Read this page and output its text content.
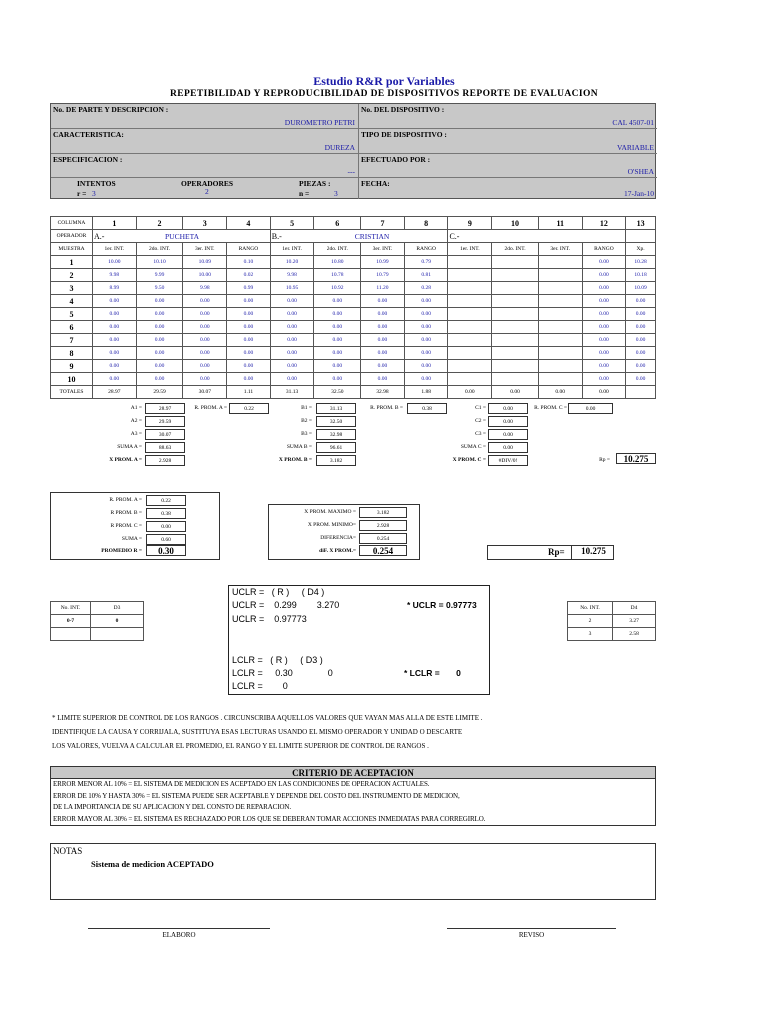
Estudio R&R por Variables
REPETIBILIDAD Y REPRODUCIBILIDAD DE DISPOSITIVOS REPORTE DE EVALUACION
No. DE PARTE Y DESCRIPCION :
DUROMETRO PETRI
No. DEL DISPOSITIVO :
CAL 4507-01
CARACTERISTICA:
DUREZA
TIPO DE DISPOSITIVO :
VARIABLE
ESPECIFICACION :
---
EFECTUADO POR :
O'SHEA
INTENTOS
r = 3
OPERADORES
2
PIEZAS :
n =	3
FECHA:
17-Jan-10
COLUMNA	1	2	3	4	5	6	7	8	9	10	11	12	13
OPERADOR	A.- PUCHETA				B.- CRISTIAN				C.-				
MUESTRA	1er. INT.	2do. INT.	3er. INT.	RANGO	1er. INT.	2do. INT.	3er. INT.	RANGO	1er. INT.	2do. INT.	3er. INT.	RANGO	Xp.
1	10.00	10.10	10.09	0.10	10.20	10.80	10.99	0.79				0.00	10.28
2	9.98	9.99	10.00	0.02	9.98	10.78	10.79	0.81				0.00	10.18
3	8.99	9.50	9.98	0.99	10.95	10.92	11.20	0.28				0.00	10.09
4	0.00	0.00	0.00	0.00	0.00	0.00	0.00	0.00				0.00	0.00
5	0.00	0.00	0.00	0.00	0.00	0.00	0.00	0.00				0.00	0.00
6	0.00	0.00	0.00	0.00	0.00	0.00	0.00	0.00				0.00	0.00
7	0.00	0.00	0.00	0.00	0.00	0.00	0.00	0.00				0.00	0.00
8	0.00	0.00	0.00	0.00	0.00	0.00	0.00	0.00				0.00	0.00
9	0.00	0.00	0.00	0.00	0.00	0.00	0.00	0.00				0.00	0.00
10	0.00	0.00	0.00	0.00	0.00	0.00	0.00	0.00				0.00	0.00
TOTALES	28.97	29.59	30.07	1.11	31.13	32.50	32.98	1.88	0.00	0.00	0.00	0.00	
A1 =	28.97
A2 =	29.59
A3 =	30.07
SUMA A =	88.63
X PROM. A =	2.928
R. PROM. A =	0.22	B1 =	31.13
B2 =	32.50
B3 =	32.98
SUMA B =	96.61
X PROM. B =	3.182
R. PROM. B =	0.38	C1 =	0.00
C2 =	0.00
C3 =	0.00
SUMA C =	0.00
X PROM. C =	#DIV/0!
R. PROM. C =	0.00
Rp =	10.275
R. PROM. A =	0.22
R PROM. B =	0.38
R PROM. C =	0.00
SUMA =	0.60
PROMEDIO R =	0.30
X PROM. MAXIMO =	3.182
X PROM. MINIMO=	2.928
DIFERENCIA=	0.254
diF. X PROM.=	0.254	Rp=	10.275
No. INT.	D3
0-7	0

No. INT.	D4
2	3.27
3	2.58
UCLR =   ( R )     ( D4 )
UCLR =    0.299        3.270
UCLR =    0.97773
* UCLR = 0.97773
LCLR =   ( R )     ( D3 )
LCLR =     0.30              0
LCLR =        0
* LCLR =       0
* LIMITE SUPERIOR DE CONTROL DE LOS RANGOS . CIRCUNSCRIBA AQUELLOS VALORES QUE VAYAN MAS ALLA DE ESTE LIMITE .
IDENTIFIQUE LA CAUSA Y CORRIJALA, SUSTITUYA ESAS LECTURAS USANDO EL MISMO OPERADOR Y UNIDAD O DESCARTE
LOS VALORES, VUELVA A CALCULAR EL PROMEDIO, EL RANGO Y EL LIMITE SUPERIOR DE CONTROL DE RANGOS .
CRITERIO DE ACEPTACION
ERROR MENOR AL 10% = EL SISTEMA DE MEDICION ES ACEPTADO EN LAS CONDICIONES DE OPERACION ACTUALES.
ERROR DE 10% Y HASTA 30% = EL SISTEMA PUEDE SER ACEPTABLE Y DEPENDE DEL COSTO DEL INSTRUMENTO DE MEDICION,
DE LA IMPORTANCIA DE SU APLICACION Y DEL CONSTO DE REPARACION.
ERROR MAYOR AL 30% = EL SISTEMA ES RECHAZADO POR LOS QUE SE DEBERAN TOMAR ACCIONES INMEDIATAS PARA CORREGIRLO.
NOTAS
Sistema de medicion ACEPTADO
ELABORO	REVISO
